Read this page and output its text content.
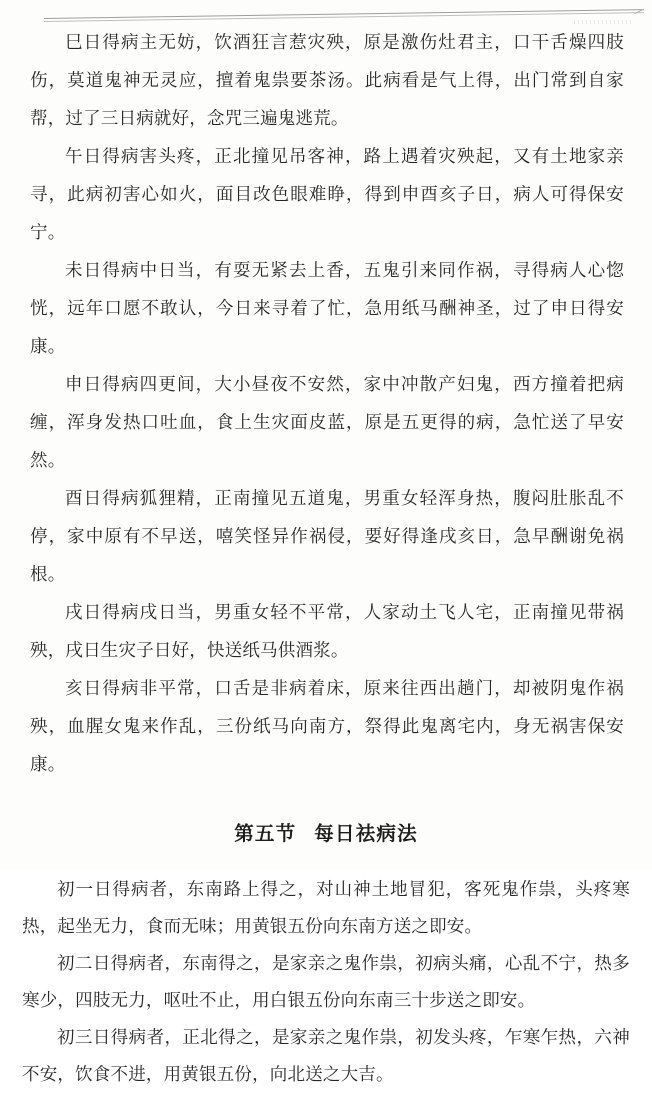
巳日得病主无妨，饮酒狂言惹灾殃，原是激伤灶君主，口干舌燥四肢伤，莫道鬼神无灵应，擅着鬼祟要茶汤。此病看是气上得，出门常到自家帮，过了三日病就好，念咒三遍鬼逃荒。

午日得病害头疼，正北撞见吊客神，路上遇着灾殃起，又有土地家亲寻，此病初害心如火，面目改色眼难睁，得到申酉亥子日，病人可得保安宁。

未日得病中日当，有耍无紧去上香，五鬼引来同作祸，寻得病人心惚恍，远年口愿不敢认，今日来寻着了忙，急用纸马酬神圣，过了申日得安康。

申日得病四更间，大小昼夜不安然，家中冲散产妇鬼，西方撞着把病缠，浑身发热口吐血，食上生灾面皮蓝，原是五更得的病，急忙送了早安然。

酉日得病狐狸精，正南撞见五道鬼，男重女轻浑身热，腹闷肚胀乱不停，家中原有不早送，嘻笑怪异作祸侵，要好得逢戌亥日，急早酬谢免祸根。

戌日得病戌日当，男重女轻不平常，人家动土飞人宅，正南撞见带祸殃，戌日生灾子日好，快送纸马供酒浆。

亥日得病非平常，口舌是非病着床，原来往西出趟门，却被阴鬼作祸殃，血腥女鬼来作乱，三份纸马向南方，祭得此鬼离宅内，身无祸害保安康。

第五节 每日祛病法

初一日得病者，东南路上得之，对山神土地冒犯，客死鬼作祟，头疼寒热，起坐无力，食而无味；用黄银五份向东南方送之即安。

初二日得病者，东南得之，是家亲之鬼作祟，初病头痛，心乱不宁，热多寒少，四肢无力，呕吐不止，用白银五份向东南三十步送之即安。

初三日得病者，正北得之，是家亲之鬼作祟，初发头疼，乍寒乍热，六神不安，饮食不进，用黄银五份，向北送之大吉。
